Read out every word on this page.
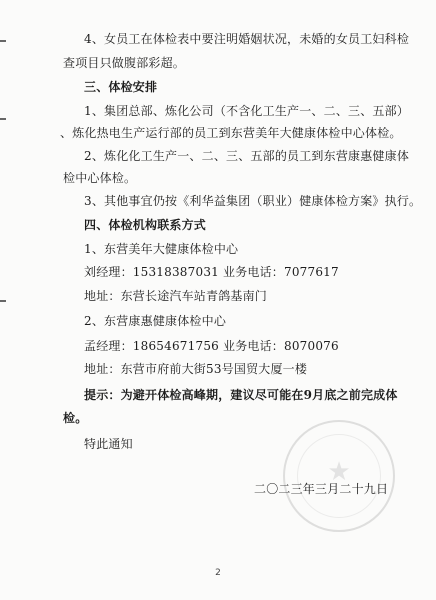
★
4、女员工在体检表中要注明婚姻状况，未婚的女员工妇科检
查项目只做腹部彩超。
三、体检安排
1、集团总部、炼化公司（不含化工生产一、二、三、五部）
、炼化热电生产运行部的员工到东营美年大健康体检中心体检。
2、炼化化工生产一、二、三、五部的员工到东营康惠健康体
检中心体检。
3、其他事宜仍按《利华益集团（职业）健康体检方案》执行。
四、体检机构联系方式
1、东营美年大健康体检中心
刘经理：15318387031 业务电话：7077617
地址：东营长途汽车站青鸽基南门
2、东营康惠健康体检中心
孟经理：18654671756 业务电话：8070076
地址：东营市府前大街53号国贸大厦一楼
提示：为避开体检高峰期，建议尽可能在9月底之前完成体
检。
特此通知
二〇二三年三月二十九日
2
